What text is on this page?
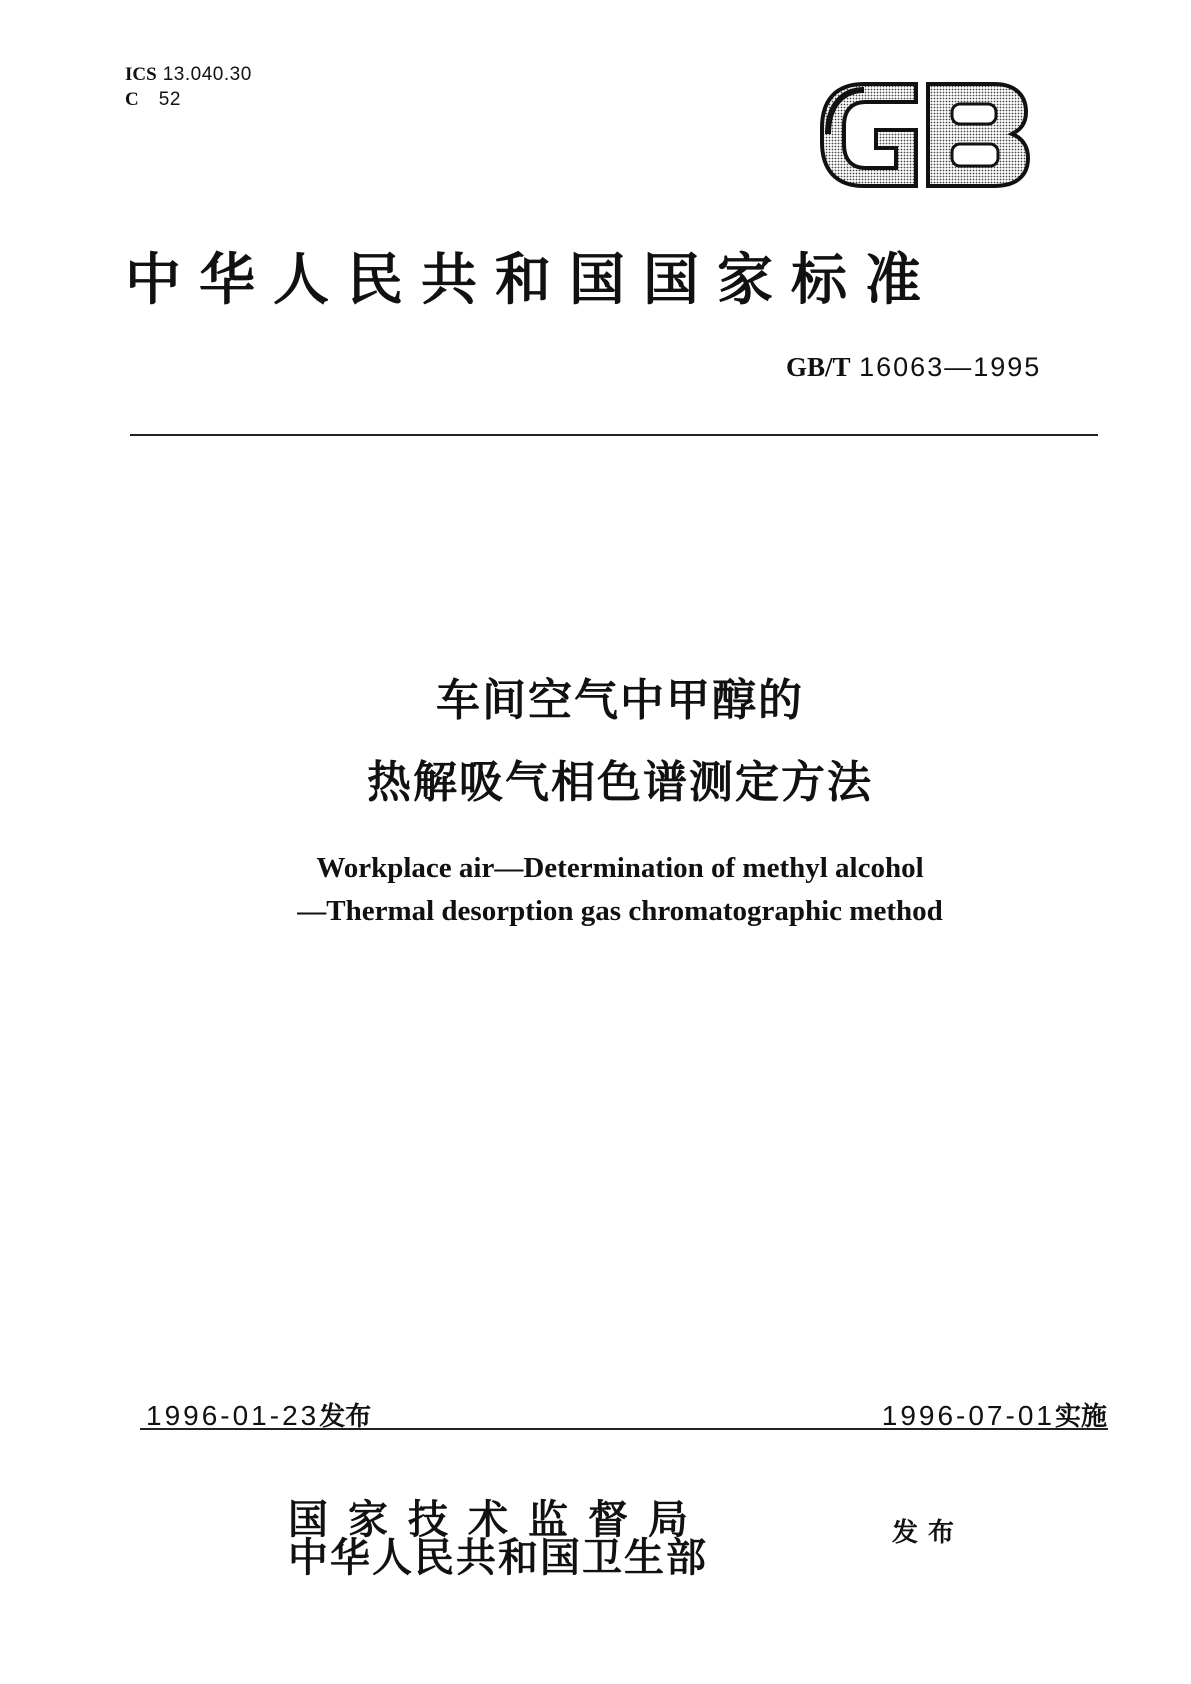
ICS 13.040.30
C 52
中华人民共和国国家标准
GB/T 16063—1995
车间空气中甲醇的
热解吸气相色谱测定方法
Workplace air—Determination of methyl alcohol
—Thermal desorption gas chromatographic method
1996-01-23发布	1996-07-01实施
国家技术监督局
中华人民共和国卫生部
发布
